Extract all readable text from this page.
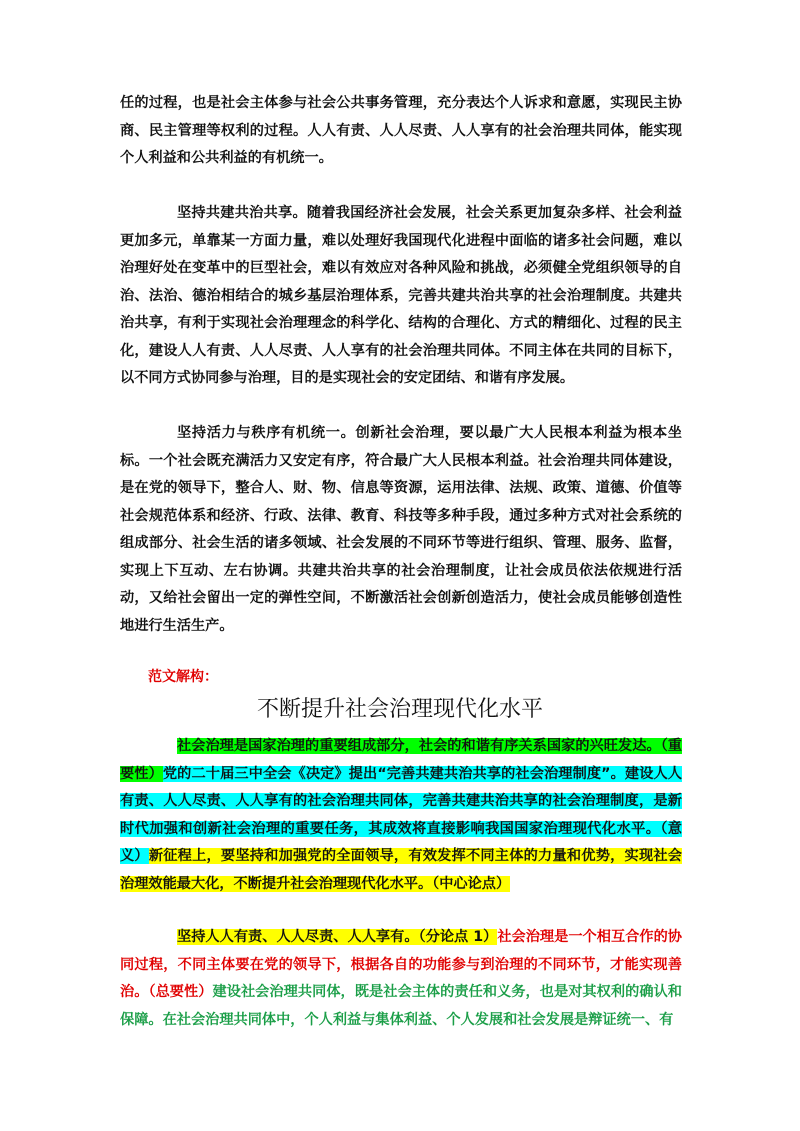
任的过程，也是社会主体参与社会公共事务管理，充分表达个人诉求和意愿，实现民主协商、民主管理等权利的过程。人人有责、人人尽责、人人享有的社会治理共同体，能实现个人利益和公共利益的有机统一。

坚持共建共治共享。随着我国经济社会发展，社会关系更加复杂多样、社会利益更加多元，单靠某一方面力量，难以处理好我国现代化进程中面临的诸多社会问题，难以治理好处在变革中的巨型社会，难以有效应对各种风险和挑战，必须健全党组织领导的自治、法治、德治相结合的城乡基层治理体系，完善共建共治共享的社会治理制度。共建共治共享，有利于实现社会治理理念的科学化、结构的合理化、方式的精细化、过程的民主化，建设人人有责、人人尽责、人人享有的社会治理共同体。不同主体在共同的目标下，以不同方式协同参与治理，目的是实现社会的安定团结、和谐有序发展。

坚持活力与秩序有机统一。创新社会治理，要以最广大人民根本利益为根本坐标。一个社会既充满活力又安定有序，符合最广大人民根本利益。社会治理共同体建设，是在党的领导下，整合人、财、物、信息等资源，运用法律、法规、政策、道德、价值等社会规范体系和经济、行政、法律、教育、科技等多种手段，通过多种方式对社会系统的组成部分、社会生活的诸多领域、社会发展的不同环节等进行组织、管理、服务、监督，实现上下互动、左右协调。共建共治共享的社会治理制度，让社会成员依法依规进行活动，又给社会留出一定的弹性空间，不断激活社会创新创造活力，使社会成员能够创造性地进行生活生产。

范文解构：
不断提升社会治理现代化水平

社会治理是国家治理的重要组成部分，社会的和谐有序关系国家的兴旺发达。（重要性）党的二十届三中全会《决定》提出“完善共建共治共享的社会治理制度”。建设人人有责、人人尽责、人人享有的社会治理共同体，完善共建共治共享的社会治理制度，是新时代加强和创新社会治理的重要任务，其成效将直接影响我国国家治理现代化水平。（意义）新征程上，要坚持和加强党的全面领导，有效发挥不同主体的力量和优势，实现社会治理效能最大化，不断提升社会治理现代化水平。（中心论点）

坚持人人有责、人人尽责、人人享有。（分论点 1）社会治理是一个相互合作的协同过程，不同主体要在党的领导下，根据各自的功能参与到治理的不同环节，才能实现善治。（总要性）建设社会治理共同体，既是社会主体的责任和义务，也是对其权利的确认和保障。在社会治理共同体中，个人利益与集体利益、个人发展和社会发展是辩证统一、有
